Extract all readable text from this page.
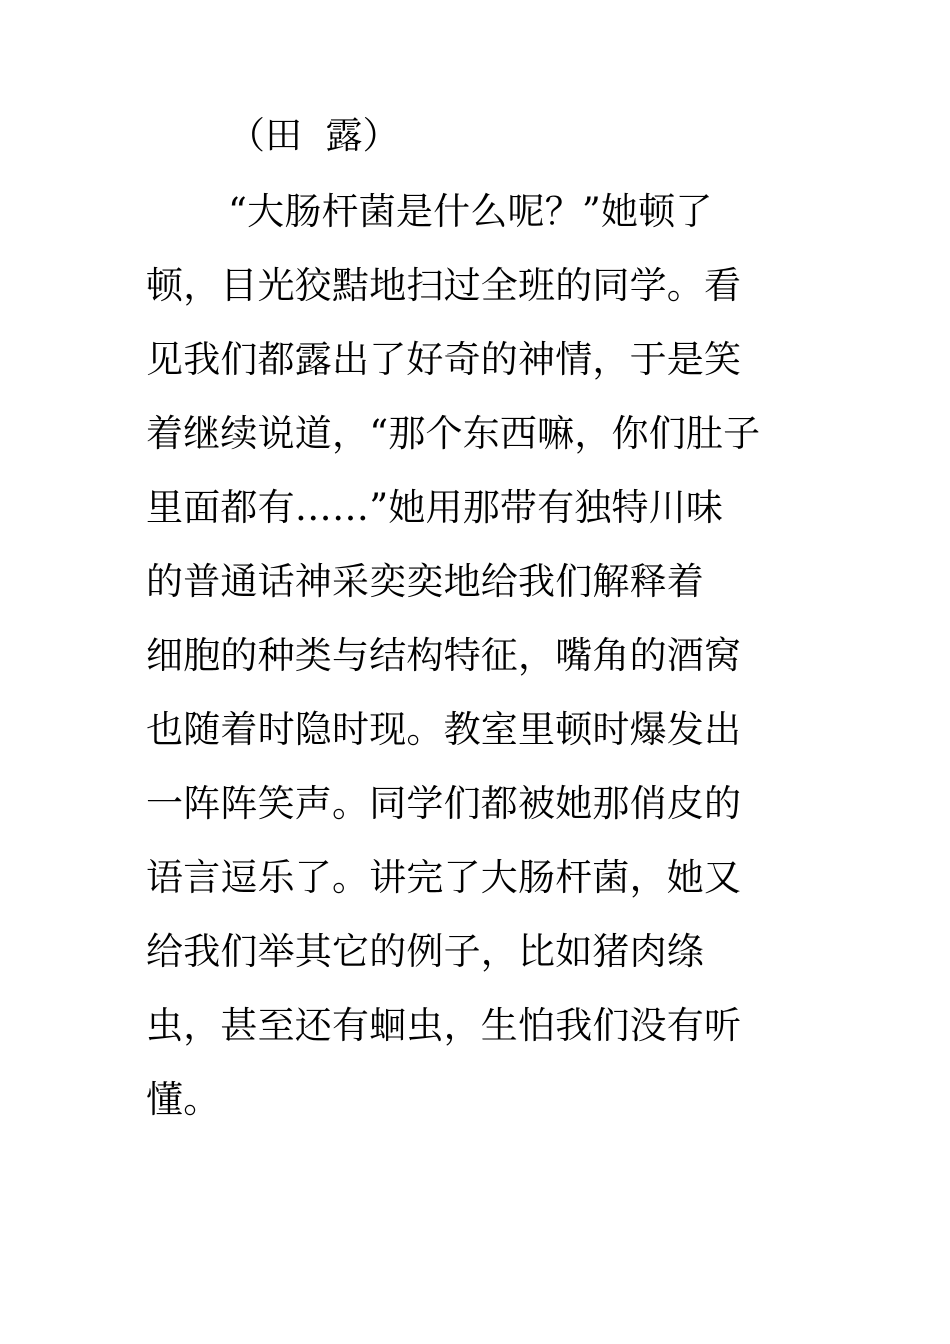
（田  露）
“大肠杆菌是什么呢？”她顿了
顿，目光狡黠地扫过全班的同学。看
见我们都露出了好奇的神情，于是笑
着继续说道，“那个东西嘛，你们肚子
里面都有……”她用那带有独特川味
的普通话神采奕奕地给我们解释着
细胞的种类与结构特征，嘴角的酒窝
也随着时隐时现。教室里顿时爆发出
一阵阵笑声。同学们都被她那俏皮的
语言逗乐了。讲完了大肠杆菌，她又
给我们举其它的例子，比如猪肉绦
虫，甚至还有蛔虫，生怕我们没有听
懂。
